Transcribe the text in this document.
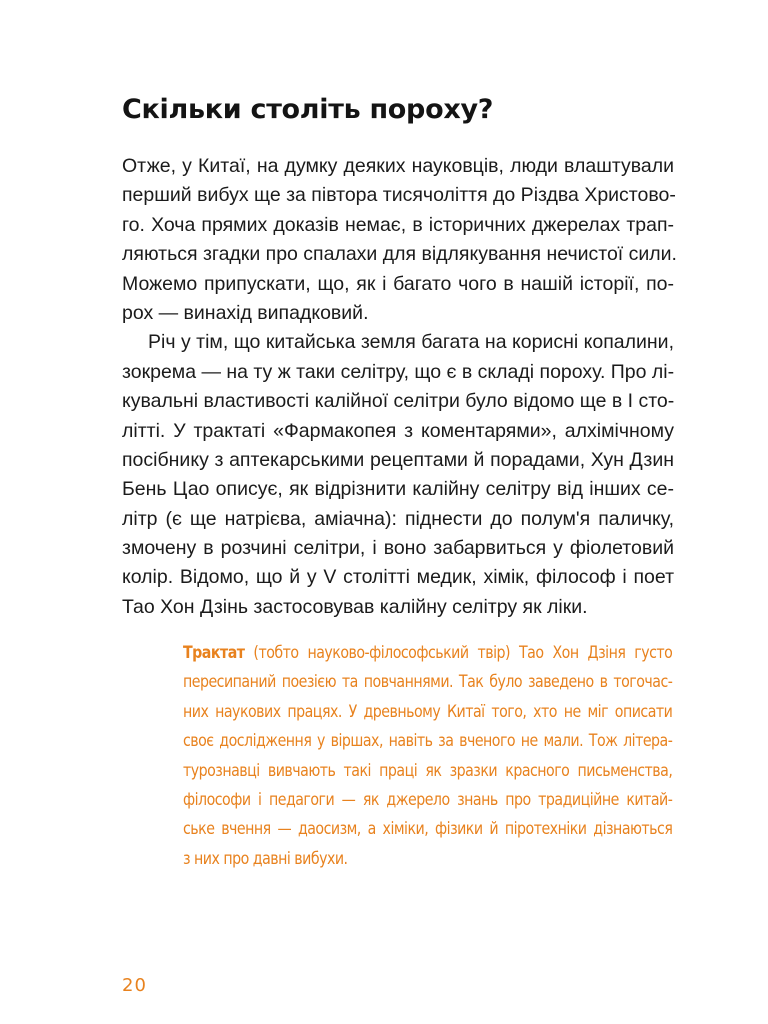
Скільки століть пороху?
Отже, у Китаї, на думку деяких науковців, люди влаштували
перший вибух ще за півтора тисячоліття до Різдва Христово-
го. Хоча прямих доказів немає, в історичних джерелах трап-
ляються згадки про спалахи для відлякування нечистої сили.
Можемо припускати, що, як і багато чого в нашій історії, по-
рох — винахід випадковий.
Річ у тім, що китайська земля багата на корисні копалини,
зокрема — на ту ж таки селітру, що є в складі пороху. Про лі-
кувальні властивості калійної селітри було відомо ще в І сто-
літті. У трактаті «Фармакопея з коментарями», алхімічному
посібнику з аптекарськими рецептами й порадами, Хун Дзин
Бень Цао описує, як відрізнити калійну селітру від інших се-
літр (є ще натрієва, аміачна): піднести до полум'я паличку,
змочену в розчині селітри, і воно забарвиться у фіолетовий
колір. Відомо, що й у V столітті медик, хімік, філософ і поет
Тао Хон Дзінь застосовував калійну селітру як ліки.
Трактат (тобто науково-філософський твір) Тао Хон Дзіня густо
пересипаний поезією та повчаннями. Так було заведено в тогочас-
них наукових працях. У древньому Китаї того, хто не міг описати
своє дослідження у віршах, навіть за вченого не мали. Тож літера-
турознавці вивчають такі праці як зразки красного письменства,
філософи і педагоги — як джерело знань про традиційне китай-
ське вчення — даосизм, а хіміки, фізики й піротехніки дізнаються
з них про давні вибухи.
20
